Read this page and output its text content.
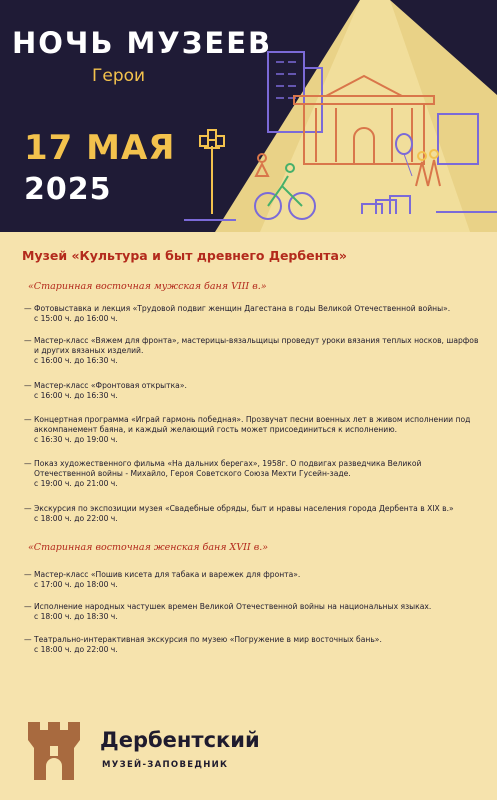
НОЧЬ МУЗЕЕВ
Герои
17 МАЯ
2025
Музей «Культура и быт древнего Дербента»
«Старинная восточная мужская баня VIII в.»
— Фотовыставка и лекция «Трудовой подвиг женщин Дагестана в годы Великой Отечественной войны».
с 15:00 ч. до 16:00 ч.
— Мастер-класс «Вяжем для фронта», мастерицы-вязальщицы проведут уроки вязания теплых носков, шарфов и других вязаных изделий.
с 16:00 ч. до 16:30 ч.
— Мастер-класс «Фронтовая открытка».
с 16:00 ч. до 16:30 ч.
— Концертная программа «Играй гармонь победная». Прозвучат песни военных лет в живом исполнении под аккомпанемент баяна, и каждый желающий гость может присоединиться к исполнению.
с 16:30 ч. до 19:00 ч.
— Показ художественного фильма «На дальних берегах», 1958г. О подвигах разведчика Великой Отечественной войны - Михайло, Героя Советского Союза Мехти Гусейн-заде.
с 19:00 ч. до 21:00 ч.
— Экскурсия по экспозиции музея «Свадебные обряды, быт и нравы населения города Дербента в XIX в.»
с 18:00 ч. до 22:00 ч.
«Старинная восточная женская баня XVII в.»
— Мастер-класс «Пошив кисета для табака и варежек для фронта».
с 17:00 ч. до 18:00 ч.
— Исполнение народных частушек времен Великой Отечественной войны на национальных языках.
с 18:00 ч. до 18:30 ч.
— Театрально-интерактивная экскурсия по музею «Погружение в мир восточных бань».
с 18:00 ч. до 22:00 ч.
Дербентский
МУЗЕЙ-ЗАПОВЕДНИК
